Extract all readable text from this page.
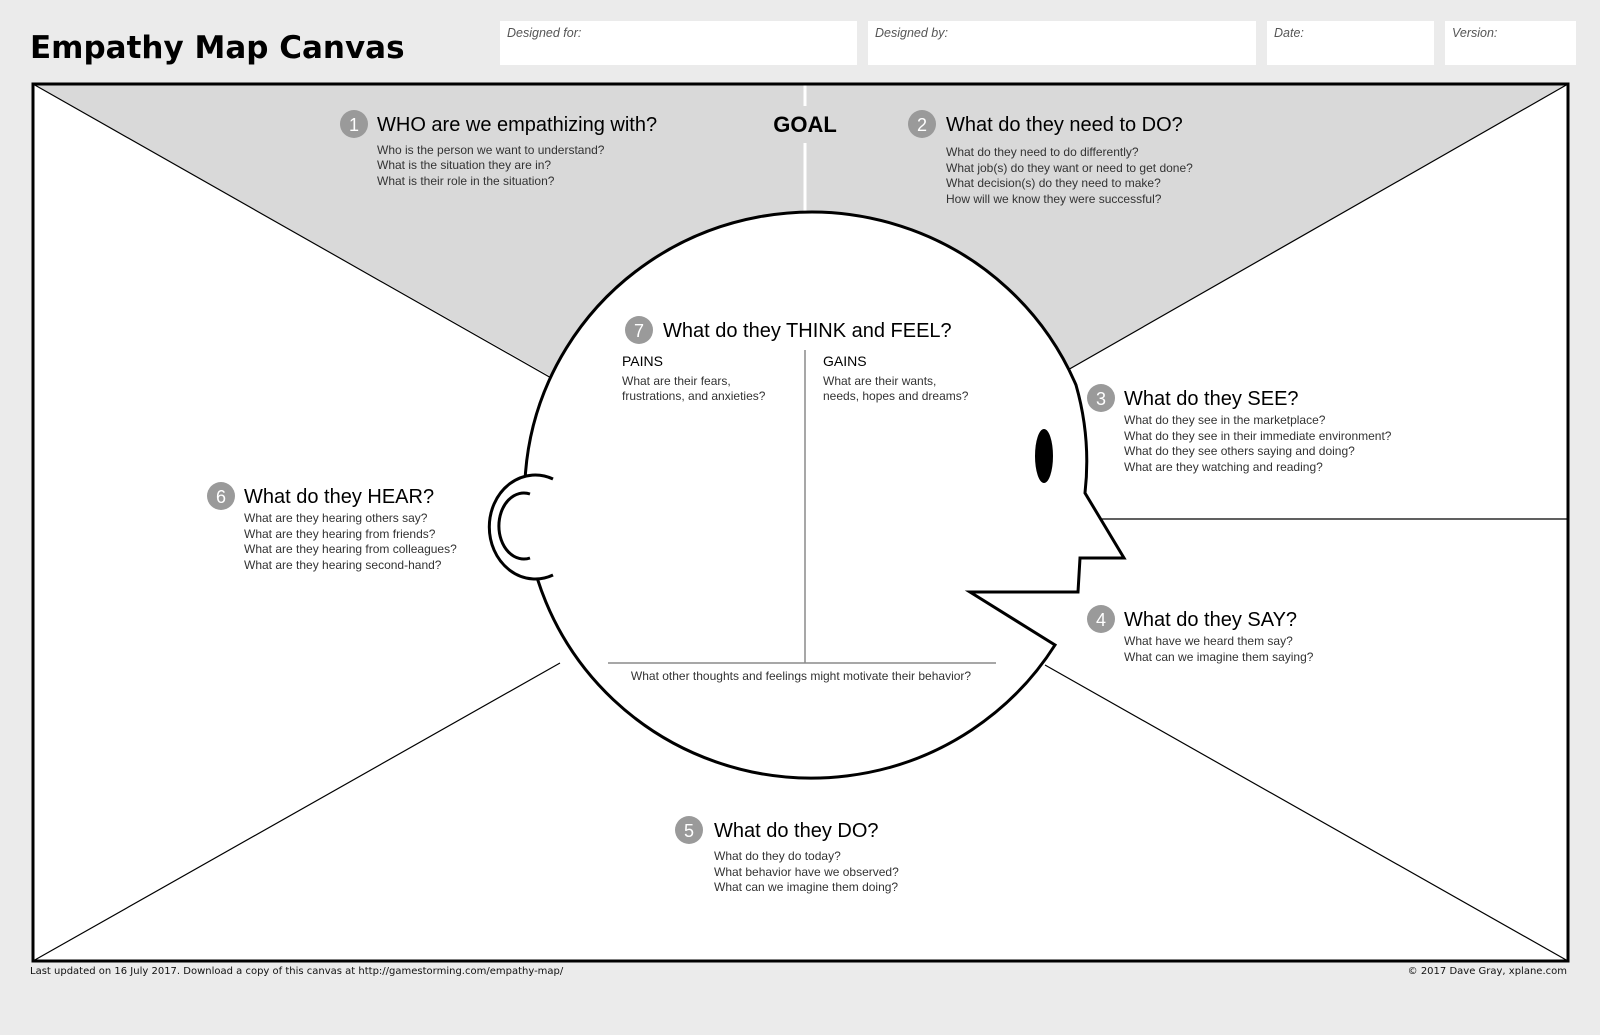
Empathy Map Canvas	Designed for:	Designed by:	Date:	Version:
GOAL
1 WHO are we empathizing with?
Who is the person we want to understand?
What is the situation they are in?
What is their role in the situation?
2 What do they need to DO?
What do they need to do differently?
What job(s) do they want or need to get done?
What decision(s) do they need to make?
How will we know they were successful?
3 What do they SEE?
What do they see in the marketplace?
What do they see in their immediate environment?
What do they see others saying and doing?
What are they watching and reading?
4 What do they SAY?
What have we heard them say?
What can we imagine them saying?
5 What do they DO?
What do they do today?
What behavior have we observed?
What can we imagine them doing?
6 What do they HEAR?
What are they hearing others say?
What are they hearing from friends?
What are they hearing from colleagues?
What are they hearing second-hand?
7 What do they THINK and FEEL?
PAINS
What are their fears,
frustrations, and anxieties?
GAINS
What are their wants,
needs, hopes and dreams?
What other thoughts and feelings might motivate their behavior?
Last updated on 16 July 2017. Download a copy of this canvas at http://gamestorming.com/empathy-map/	© 2017 Dave Gray, xplane.com
